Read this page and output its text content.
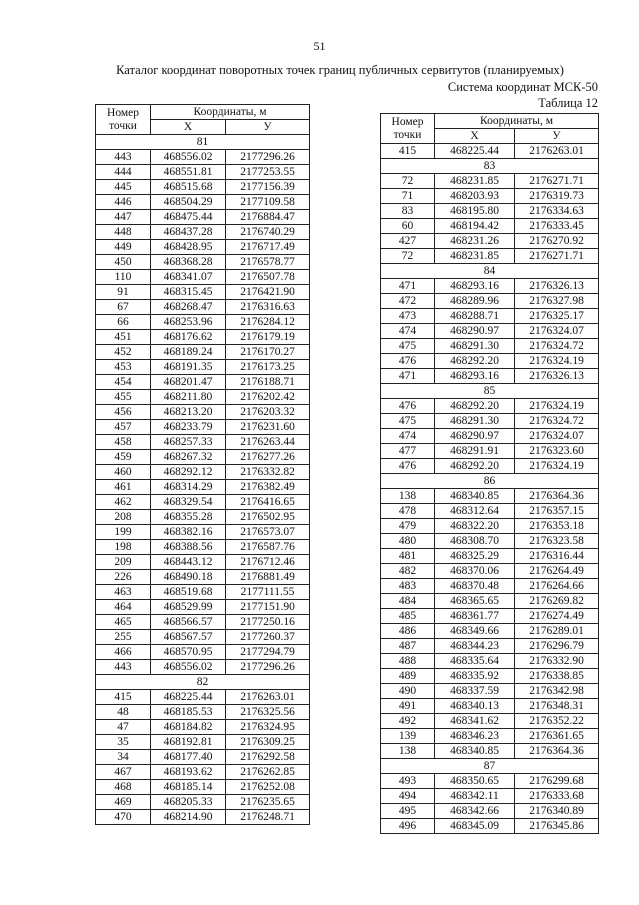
51
Каталог координат поворотных точек границ публичных сервитутов (планируемых)
Система координат МСК-50
Таблица 12
Номер
точки	Координаты, м	
	X	У
81		
443	468556.02	2177296.26
444	468551.81	2177253.55
445	468515.68	2177156.39
446	468504.29	2177109.58
447	468475.44	2176884.47
448	468437.28	2176740.29
449	468428.95	2176717.49
450	468368.28	2176578.77
110	468341.07	2176507.78
91	468315.45	2176421.90
67	468268.47	2176316.63
66	468253.96	2176284.12
451	468176.62	2176179.19
452	468189.24	2176170.27
453	468191.35	2176173.25
454	468201.47	2176188.71
455	468211.80	2176202.42
456	468213.20	2176203.32
457	468233.79	2176231.60
458	468257.33	2176263.44
459	468267.32	2176277.26
460	468292.12	2176332.82
461	468314.29	2176382.49
462	468329.54	2176416.65
208	468355.28	2176502.95
199	468382.16	2176573.07
198	468388.56	2176587.76
209	468443.12	2176712.46
226	468490.18	2176881.49
463	468519.68	2177111.55
464	468529.99	2177151.90
465	468566.57	2177250.16
255	468567.57	2177260.37
466	468570.95	2177294.79
443	468556.02	2177296.26
82		
415	468225.44	2176263.01
48	468185.53	2176325.56
47	468184.82	2176324.95
35	468192.81	2176309.25
34	468177.40	2176292.58
467	468193.62	2176262.85
468	468185.14	2176252.08
469	468205.33	2176235.65
470	468214.90	2176248.71
Номер
точки	Координаты, м	
	X	У
415	468225.44	2176263.01
83		
72	468231.85	2176271.71
71	468203.93	2176319.73
83	468195.80	2176334.63
60	468194.42	2176333.45
427	468231.26	2176270.92
72	468231.85	2176271.71
84		
471	468293.16	2176326.13
472	468289.96	2176327.98
473	468288.71	2176325.17
474	468290.97	2176324.07
475	468291.30	2176324.72
476	468292.20	2176324.19
471	468293.16	2176326.13
85		
476	468292.20	2176324.19
475	468291.30	2176324.72
474	468290.97	2176324.07
477	468291.91	2176323.60
476	468292.20	2176324.19
86		
138	468340.85	2176364.36
478	468312.64	2176357.15
479	468322.20	2176353.18
480	468308.70	2176323.58
481	468325.29	2176316.44
482	468370.06	2176264.49
483	468370.48	2176264.66
484	468365.65	2176269.82
485	468361.77	2176274.49
486	468349.66	2176289.01
487	468344.23	2176296.79
488	468335.64	2176332.90
489	468335.92	2176338.85
490	468337.59	2176342.98
491	468340.13	2176348.31
492	468341.62	2176352.22
139	468346.23	2176361.65
138	468340.85	2176364.36
87		
493	468350.65	2176299.68
494	468342.11	2176333.68
495	468342.66	2176340.89
496	468345.09	2176345.86
